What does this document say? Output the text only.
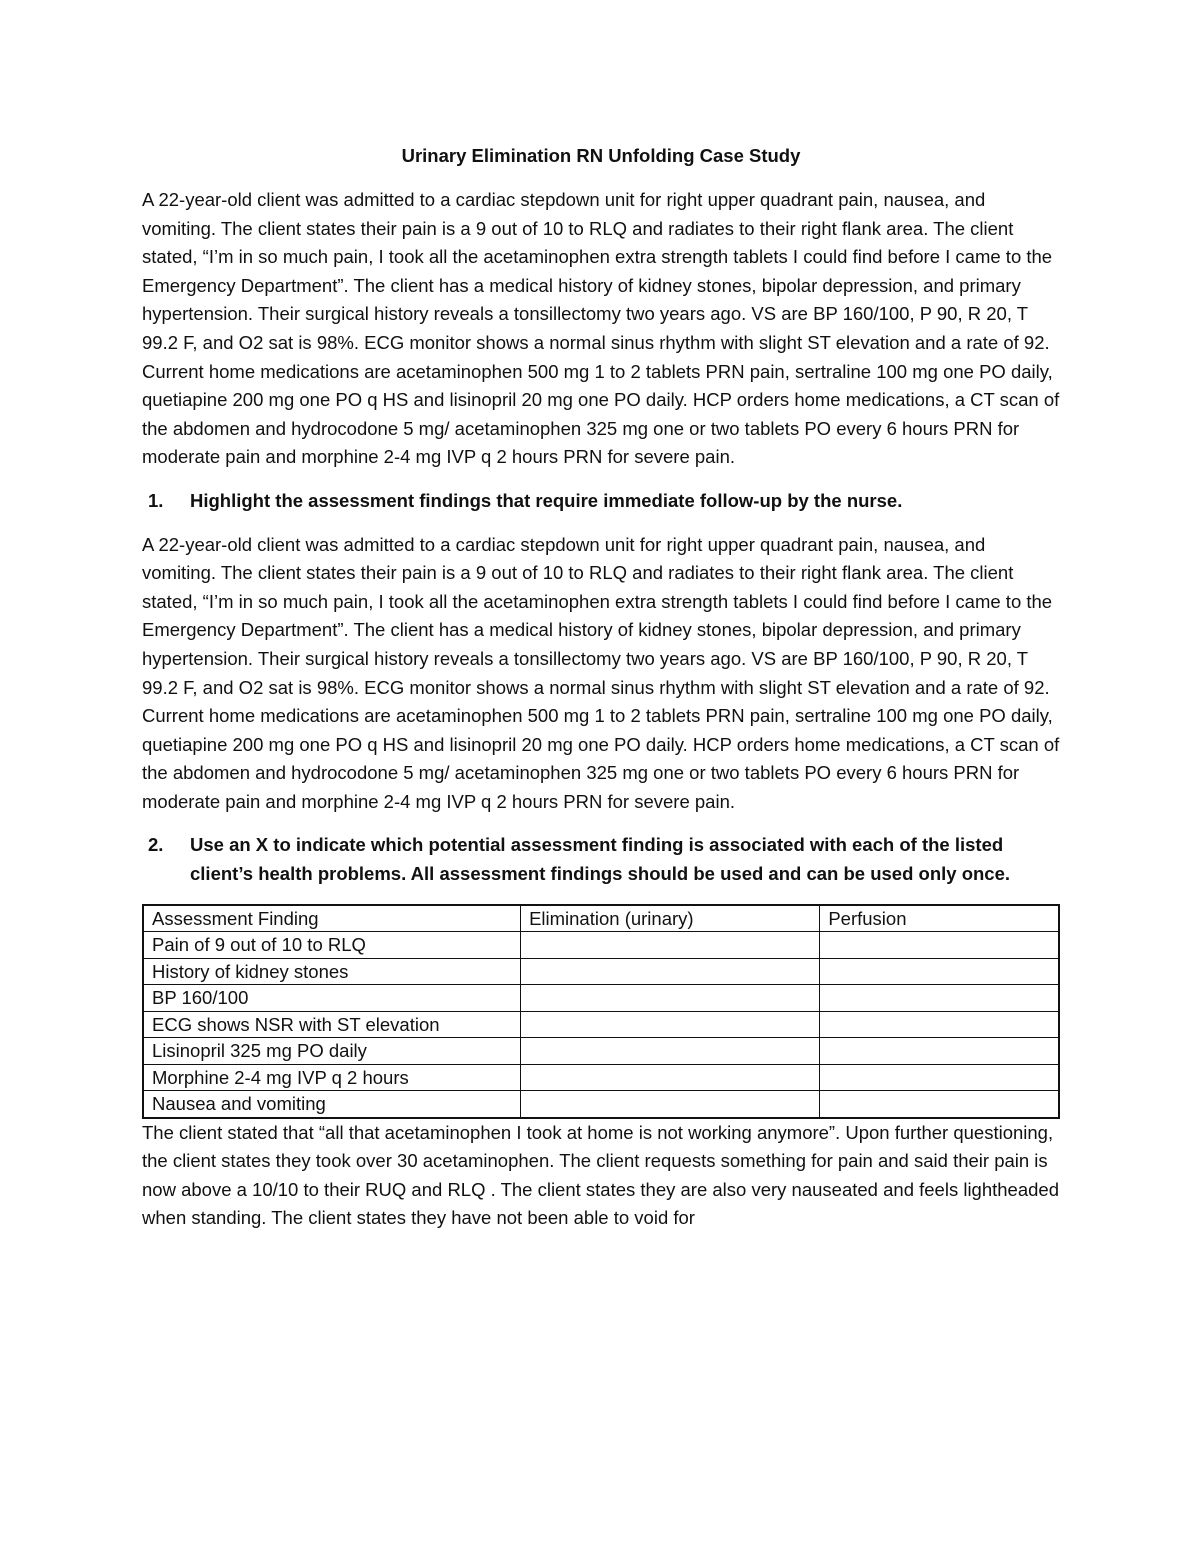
Urinary Elimination RN Unfolding Case Study

A 22-year-old client was admitted to a cardiac stepdown unit for right upper quadrant pain, nausea, and vomiting. The client states their pain is a 9 out of 10 to RLQ and radiates to their right flank area. The client stated, “I’m in so much pain, I took all the acetaminophen extra strength tablets I could find before I came to the Emergency Department”. The client has a medical history of kidney stones, bipolar depression, and primary hypertension. Their surgical history reveals a tonsillectomy two years ago. VS are BP 160/100, P 90, R 20, T 99.2 F, and O2 sat is 98%. ECG monitor shows a normal sinus rhythm with slight ST elevation and a rate of 92. Current home medications are acetaminophen 500 mg 1 to 2 tablets PRN pain, sertraline 100 mg one PO daily, quetiapine 200 mg one PO q HS and lisinopril 20 mg one PO daily. HCP orders home medications, a CT scan of the abdomen and hydrocodone 5 mg/ acetaminophen 325 mg one or two tablets PO every 6 hours PRN for moderate pain and morphine 2-4 mg IVP q 2 hours PRN for severe pain.

1.	Highlight the assessment findings that require immediate follow-up by the nurse.

A 22-year-old client was admitted to a cardiac stepdown unit for right upper quadrant pain, nausea, and vomiting. The client states their pain is a 9 out of 10 to RLQ and radiates to their right flank area. The client stated, “I’m in so much pain, I took all the acetaminophen extra strength tablets I could find before I came to the Emergency Department”. The client has a medical history of kidney stones, bipolar depression, and primary hypertension. Their surgical history reveals a tonsillectomy two years ago. VS are BP 160/100, P 90, R 20, T 99.2 F, and O2 sat is 98%. ECG monitor shows a normal sinus rhythm with slight ST elevation and a rate of 92. Current home medications are acetaminophen 500 mg 1 to 2 tablets PRN pain, sertraline 100 mg one PO daily, quetiapine 200 mg one PO q HS and lisinopril 20 mg one PO daily. HCP orders home medications, a CT scan of the abdomen and hydrocodone 5 mg/ acetaminophen 325 mg one or two tablets PO every 6 hours PRN for moderate pain and morphine 2-4 mg IVP q 2 hours PRN for severe pain.

2.	Use an X to indicate which potential assessment finding is associated with each of the listed client’s health problems. All assessment findings should be used and can be used only once.
Assessment Finding	Elimination (urinary)	Perfusion
Pain of 9 out of 10 to RLQ		
History of kidney stones		
BP 160/100		
ECG shows NSR with ST elevation		
Lisinopril 325 mg PO daily		
Morphine 2-4 mg IVP q 2 hours		
Nausea and vomiting		

The client stated that “all that acetaminophen I took at home is not working anymore”. Upon further questioning, the client states they took over 30 acetaminophen. The client requests something for pain and said their pain is now above a 10/10 to their RUQ and RLQ . The client states they are also very nauseated and feels lightheaded when standing. The client states they have not been able to void for
